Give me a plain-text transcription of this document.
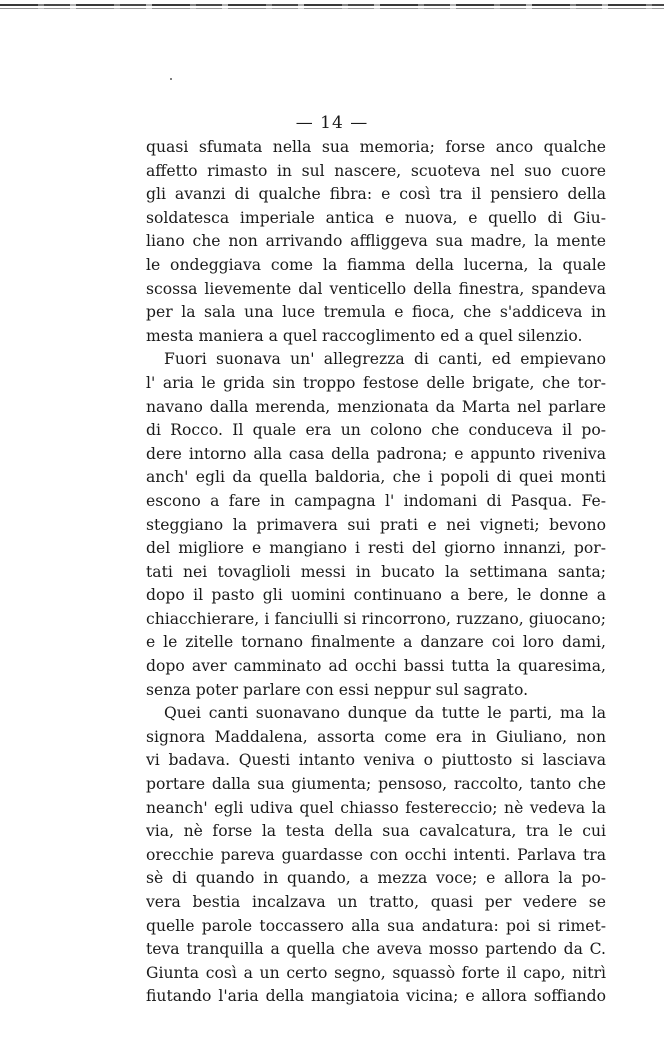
— 14 —
quasi sfumata nella sua memoria; forse anco qualche
affetto rimasto in sul nascere, scuoteva nel suo cuore
gli avanzi di qualche fibra: e così tra il pensiero della
soldatesca imperiale antica e nuova, e quello di Giu-
liano che non arrivando affliggeva sua madre, la mente
le ondeggiava come la fiamma della lucerna, la quale
scossa lievemente dal venticello della finestra, spandeva
per la sala una luce tremula e fioca, che s'addiceva in
mesta maniera a quel raccoglimento ed a quel silenzio.
Fuori suonava un' allegrezza di canti, ed empievano
l' aria le grida sin troppo festose delle brigate, che tor-
navano dalla merenda, menzionata da Marta nel parlare
di Rocco. Il quale era un colono che conduceva il po-
dere intorno alla casa della padrona; e appunto riveniva
anch' egli da quella baldoria, che i popoli di quei monti
escono a fare in campagna l' indomani di Pasqua. Fe-
steggiano la primavera sui prati e nei vigneti; bevono
del migliore e mangiano i resti del giorno innanzi, por-
tati nei tovaglioli messi in bucato la settimana santa;
dopo il pasto gli uomini continuano a bere, le donne a
chiacchierare, i fanciulli si rincorrono, ruzzano, giuocano;
e le zitelle tornano finalmente a danzare coi loro dami,
dopo aver camminato ad occhi bassi tutta la quaresima,
senza poter parlare con essi neppur sul sagrato.
Quei canti suonavano dunque da tutte le parti, ma la
signora Maddalena, assorta come era in Giuliano, non
vi badava. Questi intanto veniva o piuttosto si lasciava
portare dalla sua giumenta; pensoso, raccolto, tanto che
neanch' egli udiva quel chiasso festereccio; nè vedeva la
via, nè forse la testa della sua cavalcatura, tra le cui
orecchie pareva guardasse con occhi intenti. Parlava tra
sè di quando in quando, a mezza voce; e allora la po-
vera bestia incalzava un tratto, quasi per vedere se
quelle parole toccassero alla sua andatura: poi si rimet-
teva tranquilla a quella che aveva mosso partendo da C.
Giunta così a un certo segno, squassò forte il capo, nitrì
fiutando l'aria della mangiatoia vicina; e allora soffiando
